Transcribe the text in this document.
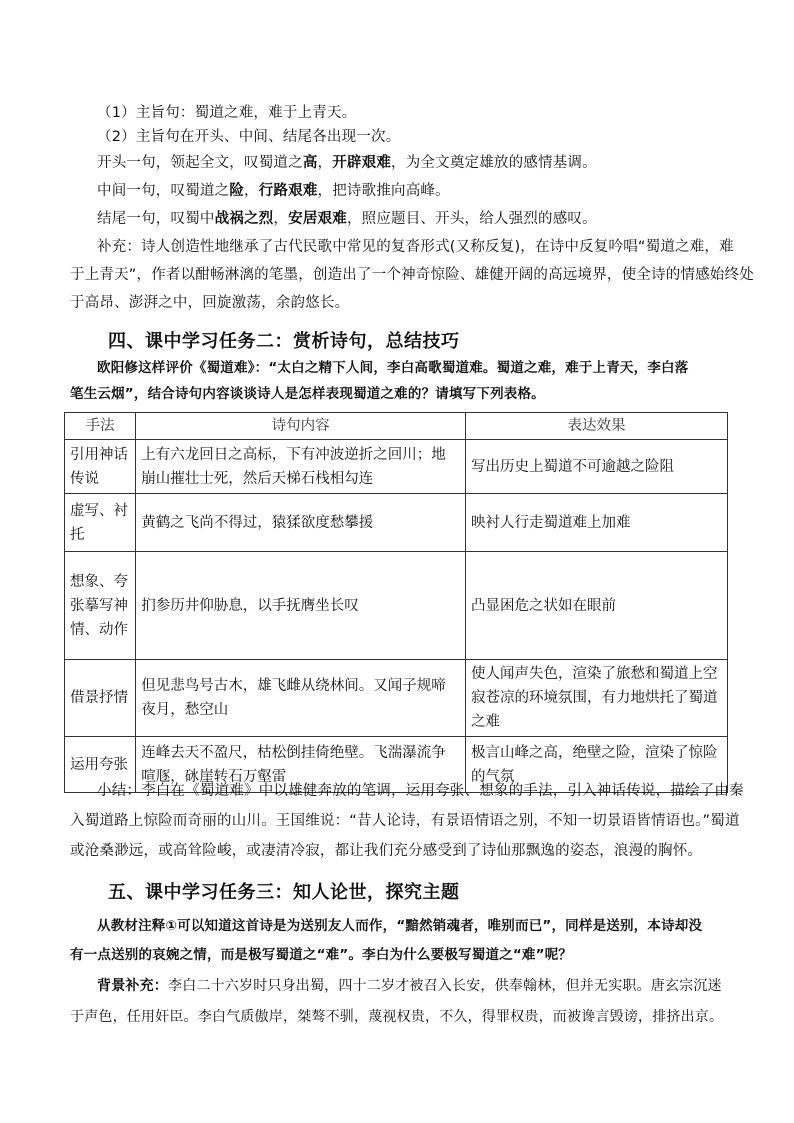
（1）主旨句：蜀道之难，难于上青天。
（2）主旨句在开头、中间、结尾各出现一次。
开头一句，领起全文，叹蜀道之高，开辟艰难，为全文奠定雄放的感情基调。
中间一句，叹蜀道之险，行路艰难，把诗歌推向高峰。
结尾一句，叹蜀中战祸之烈，安居艰难，照应题目、开头，给人强烈的感叹。
补充：诗人创造性地继承了古代民歌中常见的复沓形式(又称反复)，在诗中反复吟唱“蜀道之难，难
于上青天”，作者以酣畅淋漓的笔墨，创造出了一个神奇惊险、雄健开阔的高远境界，使全诗的情感始终处
于高昂、澎湃之中，回旋激荡，余韵悠长。
四、课中学习任务二：赏析诗句，总结技巧
欧阳修这样评价《蜀道难》：“太白之精下人间，李白高歌蜀道难。蜀道之难，难于上青天，李白落
笔生云烟”，结合诗句内容谈谈诗人是怎样表现蜀道之难的？请填写下列表格。
手法	诗句内容	表达效果
引用神话传说	上有六龙回日之高标，下有冲波逆折之回川；地崩山摧壮士死，然后天梯石栈相勾连	写出历史上蜀道不可逾越之险阻
虚写、衬托	黄鹤之飞尚不得过，猿猱欲度愁攀援	映衬人行走蜀道难上加难
想象、夸张摹写神情、动作	扪参历井仰胁息，以手抚膺坐长叹	凸显困危之状如在眼前
借景抒情	但见悲鸟号古木，雄飞雌从绕林间。又闻子规啼夜月，愁空山	使人闻声失色，渲染了旅愁和蜀道上空寂苍凉的环境氛围，有力地烘托了蜀道之难
运用夸张	连峰去天不盈尺，枯松倒挂倚绝壁。飞湍瀑流争喧豗，砯崖转石万壑雷	极言山峰之高，绝壁之险，渲染了惊险的气氛
小结：李白在《蜀道难》中以雄健奔放的笔调，运用夸张、想象的手法，引入神话传说，描绘了由秦
入蜀道路上惊险而奇丽的山川。王国维说：“昔人论诗，有景语情语之别，不知一切景语皆情语也。”蜀道
或沧桑渺远，或高耸险峻，或凄清冷寂，都让我们充分感受到了诗仙那飘逸的姿态，浪漫的胸怀。
五、课中学习任务三：知人论世，探究主题
从教材注释①可以知道这首诗是为送别友人而作，“黯然销魂者，唯别而已”，同样是送别，本诗却没
有一点送别的哀婉之情，而是极写蜀道之“难”。李白为什么要极写蜀道之“难”呢？
背景补充：李白二十六岁时只身出蜀，四十二岁才被召入长安，供奉翰林，但并无实职。唐玄宗沉迷
于声色，任用奸臣。李白气质傲岸，桀骜不驯，蔑视权贵，不久，得罪权贵，而被谗言毁谤，排挤出京。
